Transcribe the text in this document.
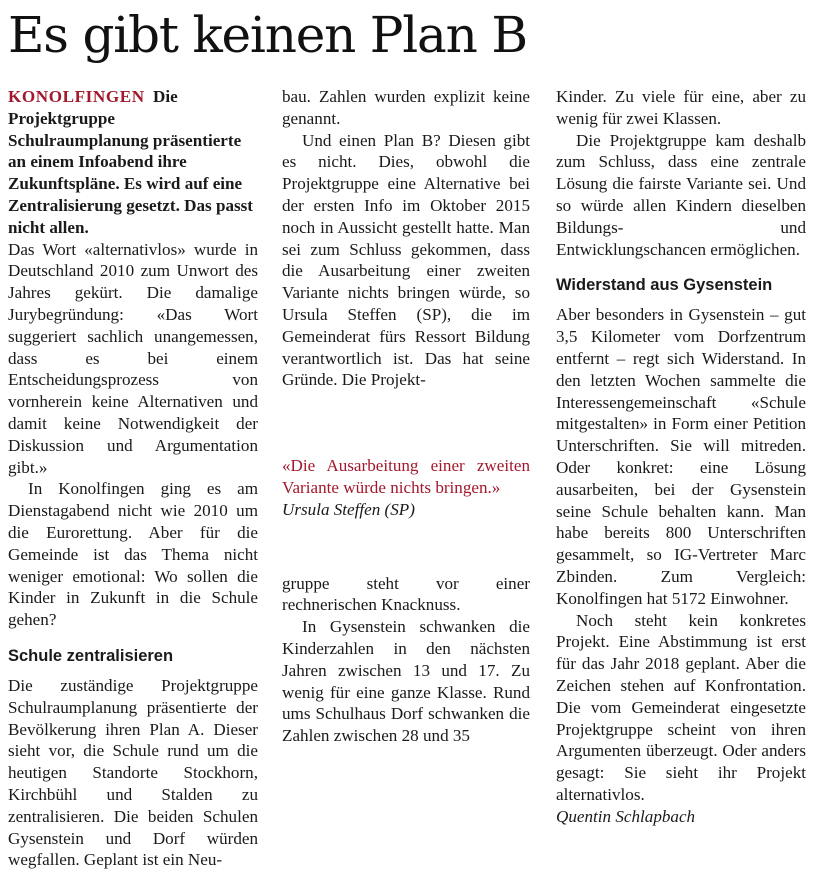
Es gibt keinen Plan B

KONOLFINGEN Die Projektgruppe Schulraumplanung präsentierte an einem Infoabend ihre Zukunftspläne. Es wird auf eine Zentralisierung gesetzt. Das passt nicht allen.

Das Wort «alternativlos» wurde in Deutschland 2010 zum Unwort des Jahres gekürt. Die damalige Jurybegründung: «Das Wort suggeriert sachlich unangemessen, dass es bei einem Entscheidungsprozess von vornherein keine Alternativen und damit keine Notwendigkeit der Diskussion und Argumentation gibt.»

In Konolfingen ging es am Dienstagabend nicht wie 2010 um die Eurorettung. Aber für die Gemeinde ist das Thema nicht weniger emotional: Wo sollen die Kinder in Zukunft in die Schule gehen?

Schule zentralisieren

Die zuständige Projektgruppe Schulraumplanung präsentierte der Bevölkerung ihren Plan A. Dieser sieht vor, die Schule rund um die heutigen Standorte Stockhorn, Kirchbühl und Stalden zu zentralisieren. Die beiden Schulen Gysenstein und Dorf würden wegfallen. Geplant ist ein Neu-

bau. Zahlen wurden explizit keine genannt.

Und einen Plan B? Diesen gibt es nicht. Dies, obwohl die Projektgruppe eine Alternative bei der ersten Info im Oktober 2015 noch in Aussicht gestellt hatte. Man sei zum Schluss gekommen, dass die Ausarbeitung einer zweiten Variante nichts bringen würde, so Ursula Steffen (SP), die im Gemeinderat fürs Ressort Bildung verantwortlich ist. Das hat seine Gründe. Die Projekt-

«Die Ausarbeitung einer zweiten Variante würde nichts bringen.»

Ursula Steffen (SP)

gruppe steht vor einer rechnerischen Knacknuss.

In Gysenstein schwanken die Kinderzahlen in den nächsten Jahren zwischen 13 und 17. Zu wenig für eine ganze Klasse. Rund ums Schulhaus Dorf schwanken die Zahlen zwischen 28 und 35

Kinder. Zu viele für eine, aber zu wenig für zwei Klassen.

Die Projektgruppe kam deshalb zum Schluss, dass eine zentrale Lösung die fairste Variante sei. Und so würde allen Kindern dieselben Bildungs- und Entwicklungschancen ermöglichen.

Widerstand aus Gysenstein

Aber besonders in Gysenstein – gut 3,5 Kilometer vom Dorfzentrum entfernt – regt sich Widerstand. In den letzten Wochen sammelte die Interessengemeinschaft «Schule mitgestalten» in Form einer Petition Unterschriften. Sie will mitreden. Oder konkret: eine Lösung ausarbeiten, bei der Gysenstein seine Schule behalten kann. Man habe bereits 800 Unterschriften gesammelt, so IG-Vertreter Marc Zbinden. Zum Vergleich: Konolfingen hat 5172 Einwohner.

Noch steht kein konkretes Projekt. Eine Abstimmung ist erst für das Jahr 2018 geplant. Aber die Zeichen stehen auf Konfrontation. Die vom Gemeinderat eingesetzte Projektgruppe scheint von ihren Argumenten überzeugt. Oder anders gesagt: Sie sieht ihr Projekt alternativlos.

Quentin Schlapbach
